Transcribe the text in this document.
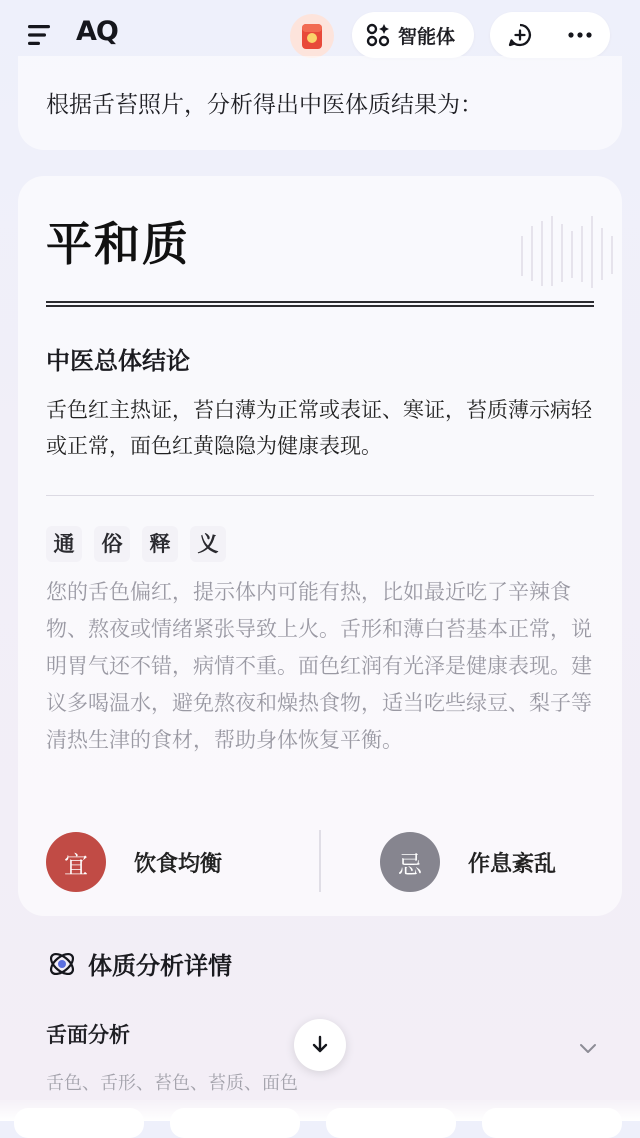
AQ	智能体
根据舌苔照片，分析得出中医体质结果为：
平和质
中医总体结论
舌色红主热证，苔白薄为正常或表证、寒证，苔质薄示病轻或正常，面色红黄隐隐为健康表现。
通	俗	释	义
您的舌色偏红，提示体内可能有热，比如最近吃了辛辣食物、熬夜或情绪紧张导致上火。舌形和薄白苔基本正常，说明胃气还不错，病情不重。面色红润有光泽是健康表现。建议多喝温水，避免熬夜和燥热食物，适当吃些绿豆、梨子等清热生津的食材，帮助身体恢复平衡。
宜	饮食均衡	忌	作息紊乱
体质分析详情
舌面分析
舌色、舌形、苔色、苔质、面色
